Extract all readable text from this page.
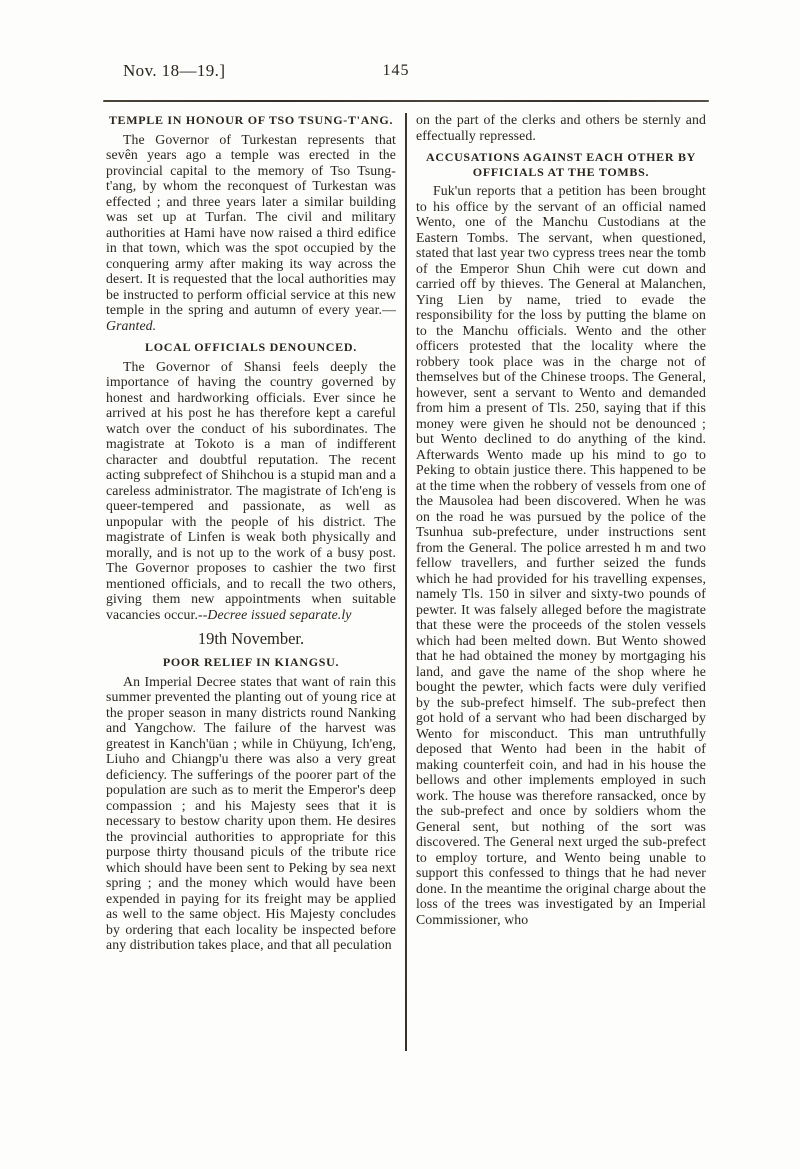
Nov. 18—19.]	145
TEMPLE IN HONOUR OF TSO TSUNG-T'ANG.

The Governor of Turkestan represents that sevên years ago a temple was erected in the provincial capital to the memory of Tso Tsung-t'ang, by whom the reconquest of Turkestan was effected ; and three years later a similar building was set up at Turfan. The civil and military authorities at Hami have now raised a third edifice in that town, which was the spot occupied by the conquering army after making its way across the desert. It is requested that the local authorities may be instructed to perform official service at this new temple in the spring and autumn of every year.—Granted.

LOCAL OFFICIALS DENOUNCED.

The Governor of Shansi feels deeply the importance of having the country governed by honest and hardworking officials. Ever since he arrived at his post he has therefore kept a careful watch over the conduct of his subordinates. The magistrate at Tokoto is a man of indifferent character and doubtful reputation. The recent acting subprefect of Shihchou is a stupid man and a careless administrator. The magistrate of Ich'eng is queer-tempered and passionate, as well as unpopular with the people of his district. The magistrate of Linfen is weak both physically and morally, and is not up to the work of a busy post. The Governor proposes to cashier the two first mentioned officials, and to recall the two others, giving them new appointments when suitable vacancies occur.--Decree issued separate.ly

19th November.
POOR RELIEF IN KIANGSU.

An Imperial Decree states that want of rain this summer prevented the planting out of young rice at the proper season in many districts round Nanking and Yangchow. The failure of the harvest was greatest in Kanch'üan ; while in Chüyung, Ich'eng, Liuho and Chiangp'u there was also a very great deficiency. The sufferings of the poorer part of the population are such as to merit the Emperor's deep compassion ; and his Majesty sees that it is necessary to bestow charity upon them. He desires the provincial authorities to appropriate for this purpose thirty thousand piculs of the tribute rice which should have been sent to Peking by sea next spring ; and the money which would have been expended in paying for its freight may be applied as well to the same object. His Majesty concludes by ordering that each locality be inspected before any distribution takes place, and that all peculation

on the part of the clerks and others be sternly and effectually repressed.

ACCUSATIONS AGAINST EACH OTHER BY OFFICIALS AT THE TOMBS.

Fuk'un reports that a petition has been brought to his office by the servant of an official named Wento, one of the Manchu Custodians at the Eastern Tombs. The servant, when questioned, stated that last year two cypress trees near the tomb of the Emperor Shun Chih were cut down and carried off by thieves. The General at Malanchen, Ying Lien by name, tried to evade the responsibility for the loss by putting the blame on to the Manchu officials. Wento and the other officers protested that the locality where the robbery took place was in the charge not of themselves but of the Chinese troops. The General, however, sent a servant to Wento and demanded from him a present of Tls. 250, saying that if this money were given he should not be denounced ; but Wento declined to do anything of the kind. Afterwards Wento made up his mind to go to Peking to obtain justice there. This happened to be at the time when the robbery of vessels from one of the Mausolea had been discovered. When he was on the road he was pursued by the police of the Tsunhua sub-prefecture, under instructions sent from the General. The police arrested h m and two fellow travellers, and further seized the funds which he had provided for his travelling expenses, namely Tls. 150 in silver and sixty-two pounds of pewter. It was falsely alleged before the magistrate that these were the proceeds of the stolen vessels which had been melted down. But Wento showed that he had obtained the money by mortgaging his land, and gave the name of the shop where he bought the pewter, which facts were duly verified by the sub-prefect himself. The sub-prefect then got hold of a servant who had been discharged by Wento for misconduct. This man untruthfully deposed that Wento had been in the habit of making counterfeit coin, and had in his house the bellows and other implements employed in such work. The house was therefore ransacked, once by the sub-prefect and once by soldiers whom the General sent, but nothing of the sort was discovered. The General next urged the sub-prefect to employ torture, and Wento being unable to support this confessed to things that he had never done. In the meantime the original charge about the loss of the trees was investigated by an Imperial Commissioner, who
